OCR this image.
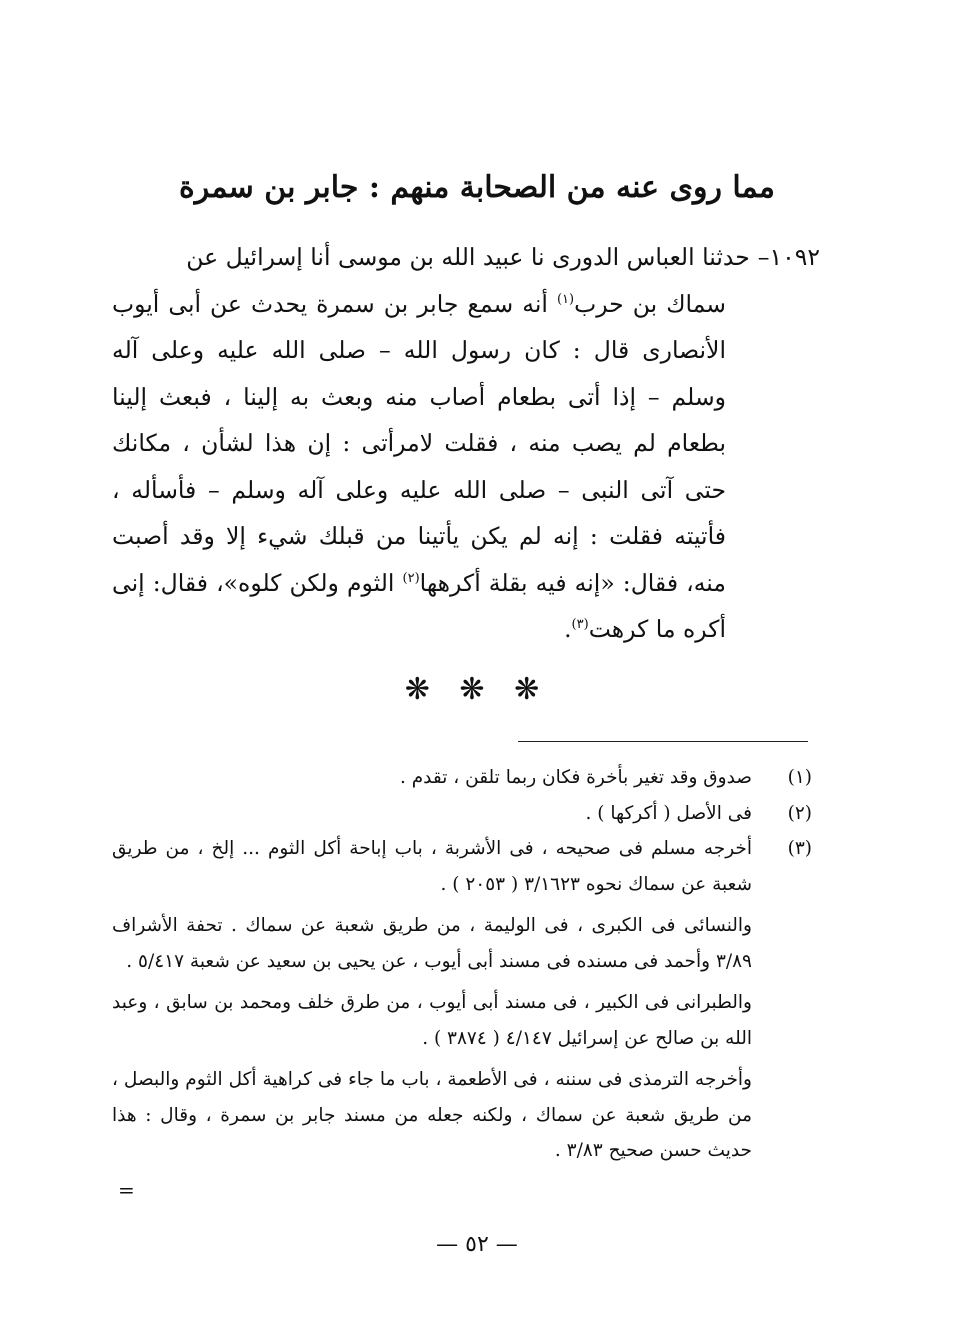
مما روى عنه من الصحابة منهم : جابر بن سمرة
١٠٩٢–حدثنا العباس الدورى نا عبيد الله بن موسى أنا إسرائيل عن
سماك بن حرب$^{(١)}$ أنه سمع جابر بن سمرة يحدث عن أبى أيوب الأنصارى قال : كان رسول الله – صلى الله عليه وعلى آله وسلم – إذا أتى بطعام أصاب منه وبعث به إلينا ، فبعث إلينا بطعام لم يصب منه ، فقلت لامرأتى : إن هذا لشأن ، مكانك حتى آتى النبى – صلى الله عليه وعلى آله وسلم – فأسأله ، فأتيته فقلت : إنه لم يكن يأتينا من قبلك شيء إلا وقد أصبت منه، فقال: «إنه فيه بقلة أكرهها$^{(٢)}$ الثوم ولكن كلوه»، فقال: إنى أكره ما كرهت$^{(٣)}$.
❋ ❋ ❋
(١)
صدوق وقد تغير بأخرة فكان ربما تلقن ، تقدم .
(٢)
فى الأصل ( أكركها ) .
(٣)
أخرجه مسلم فى صحيحه ، فى الأشربة ، باب إباحة أكل الثوم ... إلخ ، من طريق شعبة عن سماك نحوه ٣/١٦٢٣ ( ٢٠٥٣ ) .
والنسائى فى الكبرى ، فى الوليمة ، من طريق شعبة عن سماك . تحفة الأشراف ٣/٨٩ وأحمد فى مسنده فى مسند أبى أيوب ، عن يحيى بن سعيد عن شعبة ٥/٤١٧ .
والطبرانى فى الكبير ، فى مسند أبى أيوب ، من طرق خلف ومحمد بن سابق ، وعبد الله بن صالح عن إسرائيل ٤/١٤٧ ( ٣٨٧٤ ) .
وأخرجه الترمذى فى سننه ، فى الأطعمة ، باب ما جاء فى كراهية أكل الثوم والبصل ، من طريق شعبة عن سماك ، ولكنه جعله من مسند جابر بن سمرة ، وقال : هذا حديث حسن صحيح ٣/٨٣ .
=
— ٥٢ —
